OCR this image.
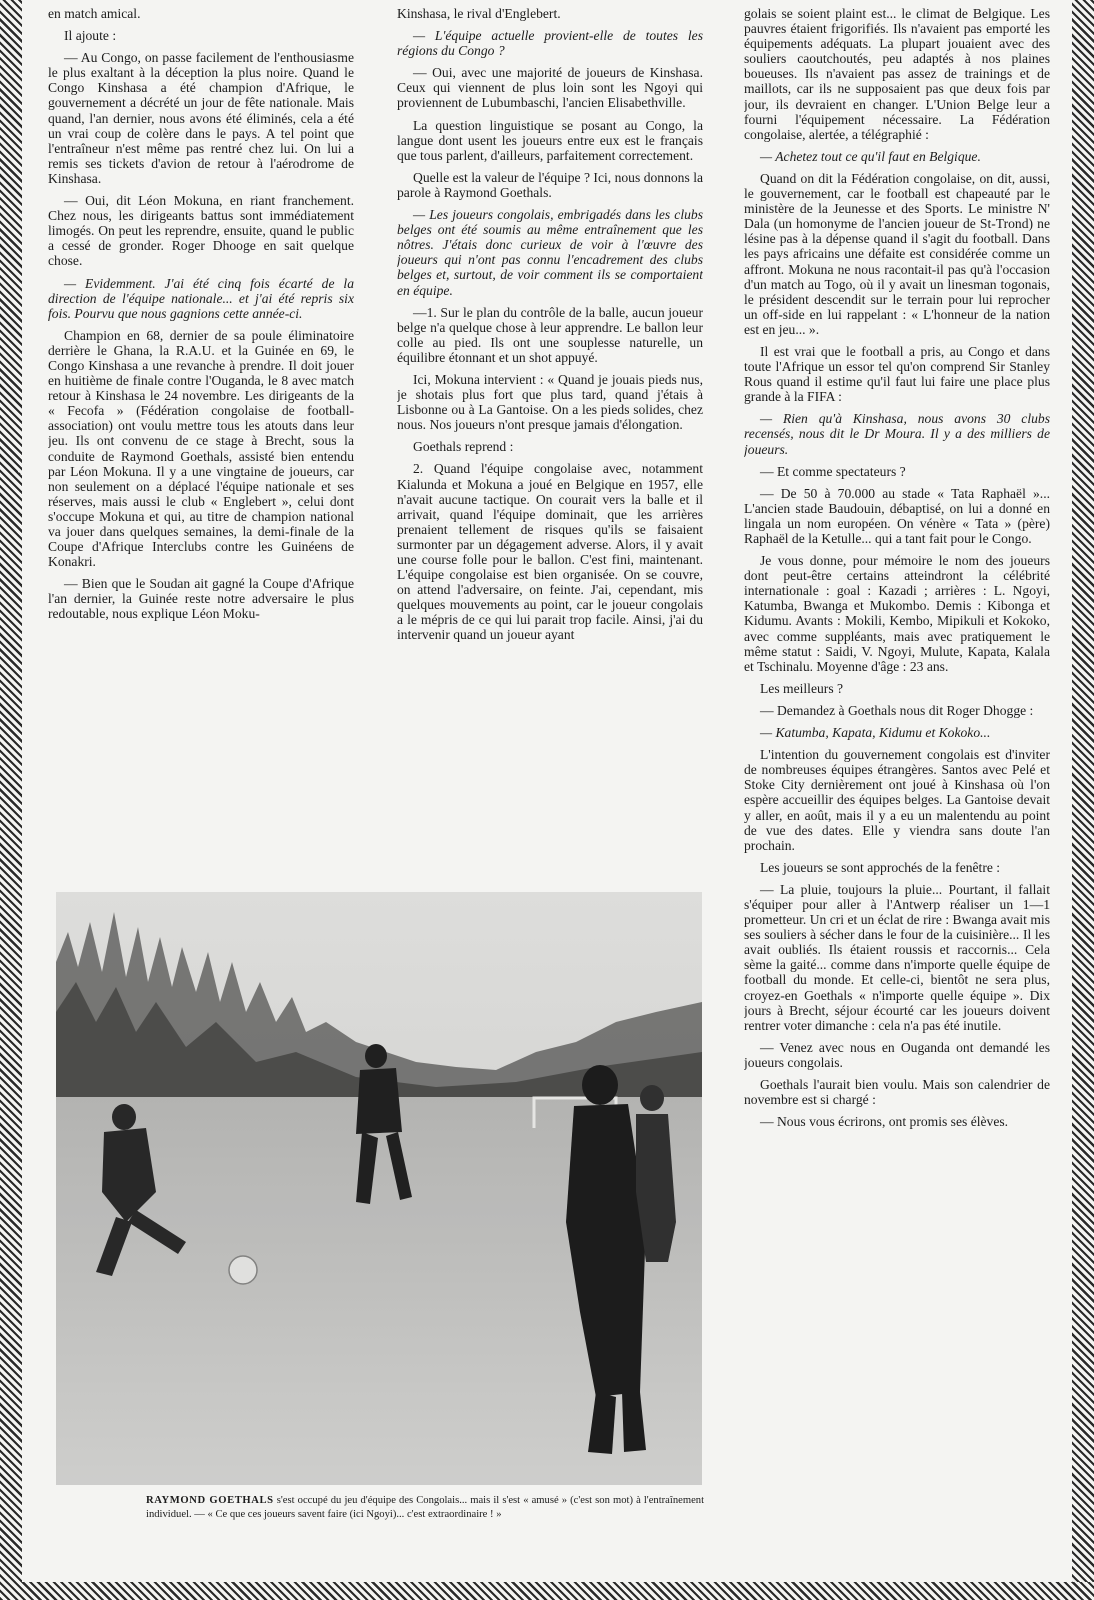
en match amical.

Il ajoute :

— Au Congo, on passe facilement de l'enthousiasme le plus exaltant à la déception la plus noire. Quand le Congo Kinshasa a été champion d'Afrique, le gouvernement a décrété un jour de fête nationale. Mais quand, l'an dernier, nous avons été éliminés, cela a été un vrai coup de colère dans le pays. A tel point que l'entraîneur n'est même pas rentré chez lui. On lui a remis ses tickets d'avion de retour à l'aérodrome de Kinshasa.

— Oui, dit Léon Mokuna, en riant franchement. Chez nous, les dirigeants battus sont immédiatement limogés. On peut les reprendre, ensuite, quand le public a cessé de gronder. Roger Dhooge en sait quelque chose.

— Evidemment. J'ai été cinq fois écarté de la direction de l'équipe nationale... et j'ai été repris six fois. Pourvu que nous gagnions cette année-ci.

Champion en 68, dernier de sa poule éliminatoire derrière le Ghana, la R.A.U. et la Guinée en 69, le Congo Kinshasa a une revanche à prendre. Il doit jouer en huitième de finale contre l'Ouganda, le 8 avec match retour à Kinshasa le 24 novembre. Les dirigeants de la « Fecofa » (Fédération congolaise de football-association) ont voulu mettre tous les atouts dans leur jeu. Ils ont convenu de ce stage à Brecht, sous la conduite de Raymond Goethals, assisté bien entendu par Léon Mokuna. Il y a une vingtaine de joueurs, car non seulement on a déplacé l'équipe nationale et ses réserves, mais aussi le club « Englebert », celui dont s'occupe Mokuna et qui, au titre de champion national va jouer dans quelques semaines, la demi-finale de la Coupe d'Afrique Interclubs contre les Guinéens de Konakri.

— Bien que le Soudan ait gagné la Coupe d'Afrique l'an dernier, la Guinée reste notre adversaire le plus redoutable, nous explique Léon Moku-

Kinshasa, le rival d'Englebert.

— L'équipe actuelle provient-elle de toutes les régions du Congo ?

— Oui, avec une majorité de joueurs de Kinshasa. Ceux qui viennent de plus loin sont les Ngoyi qui proviennent de Lubumbaschi, l'ancien Elisabethville.

La question linguistique se posant au Congo, la langue dont usent les joueurs entre eux est le français que tous parlent, d'ailleurs, parfaitement correctement.

Quelle est la valeur de l'équipe ? Ici, nous donnons la parole à Raymond Goethals.

— Les joueurs congolais, embrigadés dans les clubs belges ont été soumis au même entraînement que les nôtres. J'étais donc curieux de voir à l'œuvre des joueurs qui n'ont pas connu l'encadrement des clubs belges et, surtout, de voir comment ils se comportaient en équipe.

—1. Sur le plan du contrôle de la balle, aucun joueur belge n'a quelque chose à leur apprendre. Le ballon leur colle au pied. Ils ont une souplesse naturelle, un équilibre étonnant et un shot appuyé.

Ici, Mokuna intervient : « Quand je jouais pieds nus, je shotais plus fort que plus tard, quand j'étais à Lisbonne ou à La Gantoise. On a les pieds solides, chez nous. Nos joueurs n'ont presque jamais d'élongation.

Goethals reprend :

2. Quand l'équipe congolaise avec, notamment Kialunda et Mokuna a joué en Belgique en 1957, elle n'avait aucune tactique. On courait vers la balle et il arrivait, quand l'équipe dominait, que les arrières prenaient tellement de risques qu'ils se faisaient surmonter par un dégagement adverse. Alors, il y avait une course folle pour le ballon. C'est fini, maintenant. L'équipe congolaise est bien organisée. On se couvre, on attend l'adversaire, on feinte. J'ai, cependant, mis quelques mouvements au point, car le joueur congolais a le mépris de ce qui lui parait trop facile. Ainsi, j'ai du intervenir quand un joueur ayant

golais se soient plaint est... le climat de Belgique. Les pauvres étaient frigorifiés. Ils n'avaient pas emporté les équipements adéquats. La plupart jouaient avec des souliers caoutchoutés, peu adaptés à nos plaines boueuses. Ils n'avaient pas assez de trainings et de maillots, car ils ne supposaient pas que deux fois par jour, ils devraient en changer. L'Union Belge leur a fourni l'équipement nécessaire. La Fédération congolaise, alertée, a télégraphié :

— Achetez tout ce qu'il faut en Belgique.

Quand on dit la Fédération congolaise, on dit, aussi, le gouvernement, car le football est chapeauté par le ministère de la Jeunesse et des Sports. Le ministre N' Dala (un homonyme de l'ancien joueur de St-Trond) ne lésine pas à la dépense quand il s'agit du football. Dans les pays africains une défaite est considérée comme un affront. Mokuna ne nous racontait-il pas qu'à l'occasion d'un match au Togo, où il y avait un linesman togonais, le président descendit sur le terrain pour lui reprocher un off-side en lui rappelant : « L'honneur de la nation est en jeu... ».

Il est vrai que le football a pris, au Congo et dans toute l'Afrique un essor tel qu'on comprend Sir Stanley Rous quand il estime qu'il faut lui faire une place plus grande à la FIFA :

— Rien qu'à Kinshasa, nous avons 30 clubs recensés, nous dit le Dr Moura. Il y a des milliers de joueurs.

— Et comme spectateurs ?

— De 50 à 70.000 au stade « Tata Raphaël »... L'ancien stade Baudouin, débaptisé, on lui a donné en lingala un nom européen. On vénère « Tata » (père) Raphaël de la Ketulle... qui a tant fait pour le Congo.

Je vous donne, pour mémoire le nom des joueurs dont peut-être certains atteindront la célébrité internationale : goal : Kazadi ; arrières : L. Ngoyi, Katumba, Bwanga et Mukombo. Demis : Kibonga et Kidumu. Avants : Mokili, Kembo, Mipikuli et Kokoko, avec comme suppléants, mais avec pratiquement le même statut : Saidi, V. Ngoyi, Mulute, Kapata, Kalala et Tschinalu. Moyenne d'âge : 23 ans.

Les meilleurs ?

— Demandez à Goethals nous dit Roger Dhogge :

— Katumba, Kapata, Kidumu et Kokoko...

L'intention du gouvernement congolais est d'inviter de nombreuses équipes étrangères. Santos avec Pelé et Stoke City dernièrement ont joué à Kinshasa où l'on espère accueillir des équipes belges. La Gantoise devait y aller, en août, mais il y a eu un malentendu au point de vue des dates. Elle y viendra sans doute l'an prochain.

Les joueurs se sont approchés de la fenêtre :

— La pluie, toujours la pluie... Pourtant, il fallait s'équiper pour aller à l'Antwerp réaliser un 1—1 prometteur. Un cri et un éclat de rire : Bwanga avait mis ses souliers à sécher dans le four de la cuisinière... Il les avait oubliés. Ils étaient roussis et raccornis... Cela sème la gaité... comme dans n'importe quelle équipe de football du monde. Et celle-ci, bientôt ne sera plus, croyez-en Goethals « n'importe quelle équipe ». Dix jours à Brecht, séjour écourté car les joueurs doivent rentrer voter dimanche : cela n'a pas été inutile.

— Venez avec nous en Ouganda ont demandé les joueurs congolais.

Goethals l'aurait bien voulu. Mais son calendrier de novembre est si chargé :

— Nous vous écrirons, ont promis ses élèves.

RAYMOND GOETHALS s'est occupé du jeu d'équipe des Congolais... mais il s'est « amusé » (c'est son mot) à l'entraînement individuel. — « Ce que ces joueurs savent faire (ici Ngoyi)... c'est extraordinaire ! »
